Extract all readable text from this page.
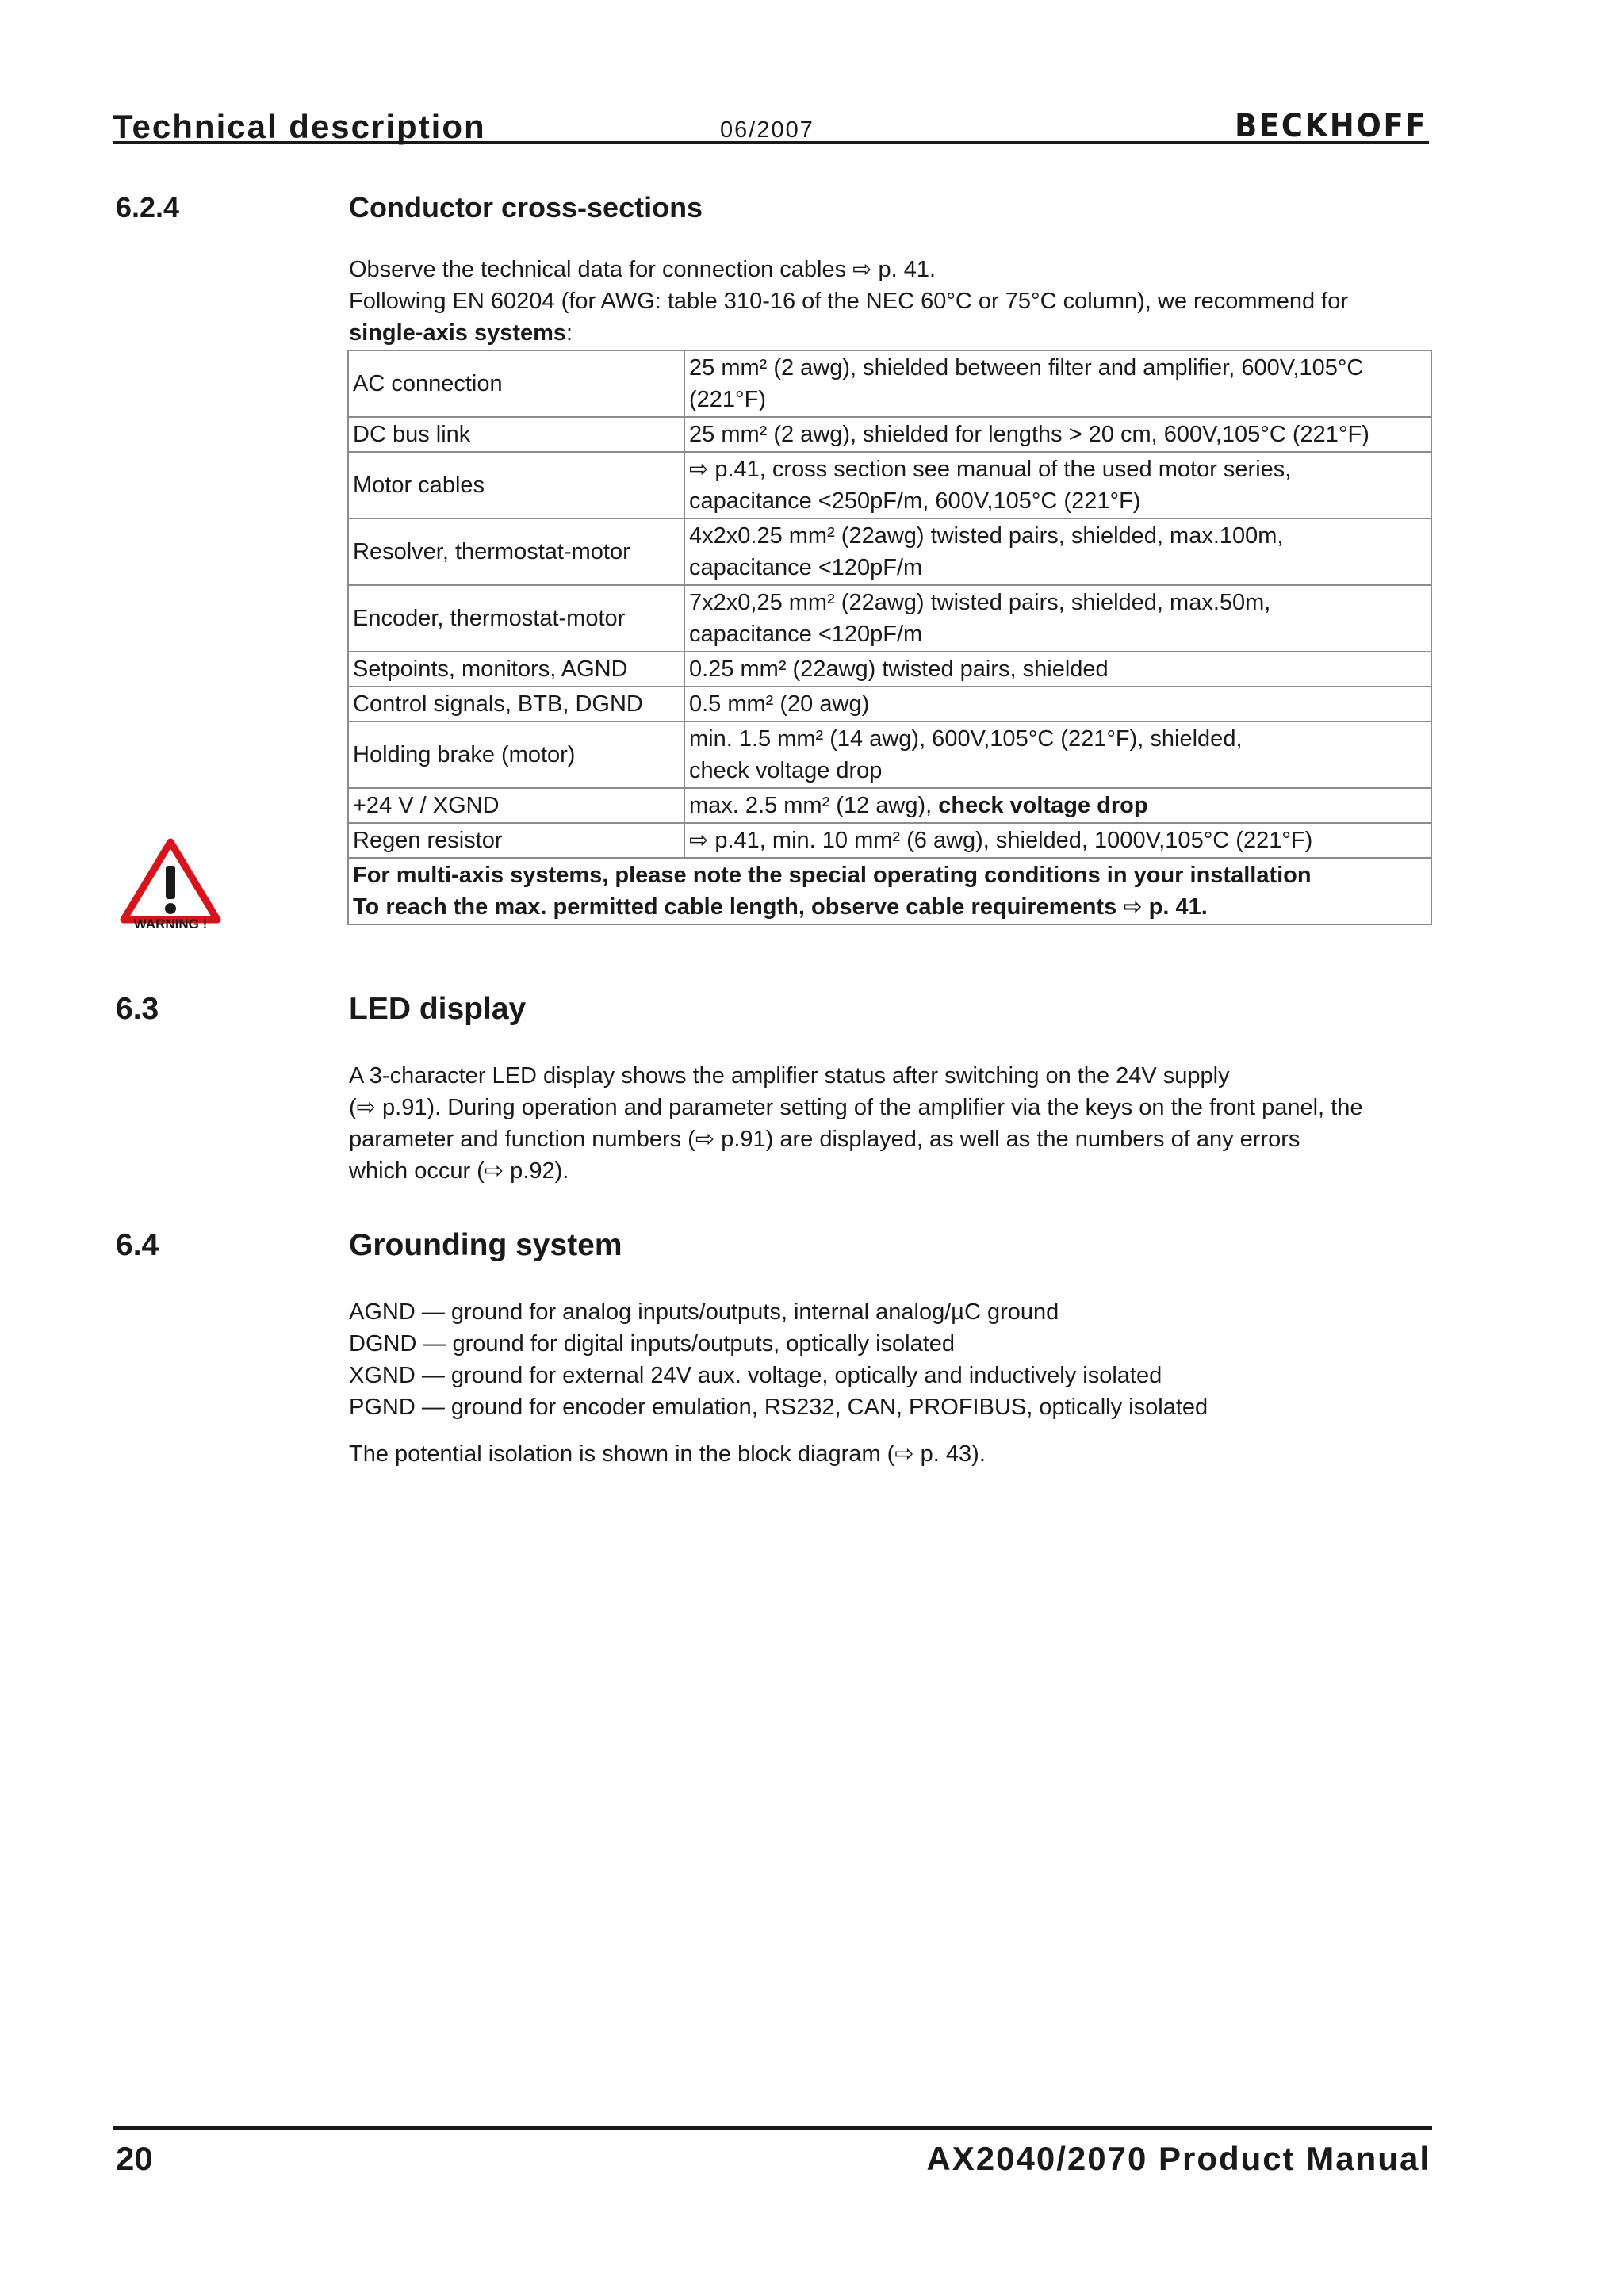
Technical description	06/2007	BECKHOFF
6.2.4	Conductor cross-sections
Observe the technical data for connection cables ⇨ p. 41.
Following EN 60204 (for AWG: table 310-16 of the NEC 60°C or 75°C column), we recommend for
single-axis systems:
AC connection	25 mm² (2 awg), shielded between filter and amplifier, 600V,105°C
(221°F)
DC bus link	25 mm² (2 awg), shielded for lengths > 20 cm, 600V,105°C (221°F)
Motor cables	⇨ p.41, cross section see manual of the used motor series,
capacitance <250pF/m, 600V,105°C (221°F)
Resolver, thermostat-motor	4x2x0.25 mm² (22awg) twisted pairs, shielded, max.100m,
capacitance <120pF/m
Encoder, thermostat-motor	7x2x0,25 mm² (22awg) twisted pairs, shielded, max.50m,
capacitance <120pF/m
Setpoints, monitors, AGND	0.25 mm² (22awg) twisted pairs, shielded
Control signals, BTB, DGND	0.5 mm² (20 awg)
Holding brake (motor)	min. 1.5 mm² (14 awg), 600V,105°C (221°F), shielded,
check voltage drop
+24 V / XGND	max. 2.5 mm² (12 awg), check voltage drop
Regen resistor	⇨ p.41, min. 10 mm² (6 awg), shielded, 1000V,105°C (221°F)

For multi-axis systems, please note the special operating conditions in your installation
To reach the max. permitted cable length, observe cable requirements ⇨ p. 41.	
WARNING !
6.3	LED display
A 3-character LED display shows the amplifier status after switching on the 24V supply
(⇨ p.91). During operation and parameter setting of the amplifier via the keys on the front panel, the
parameter and function numbers (⇨ p.91) are displayed, as well as the numbers of any errors
which occur (⇨ p.92).
6.4	Grounding system
AGND — ground for analog inputs/outputs, internal analog/µC ground
DGND — ground for digital inputs/outputs, optically isolated
XGND — ground for external 24V aux. voltage, optically and inductively isolated
PGND — ground for encoder emulation, RS232, CAN, PROFIBUS, optically isolated
The potential isolation is shown in the block diagram (⇨ p. 43).
20	AX2040/2070 Product Manual
